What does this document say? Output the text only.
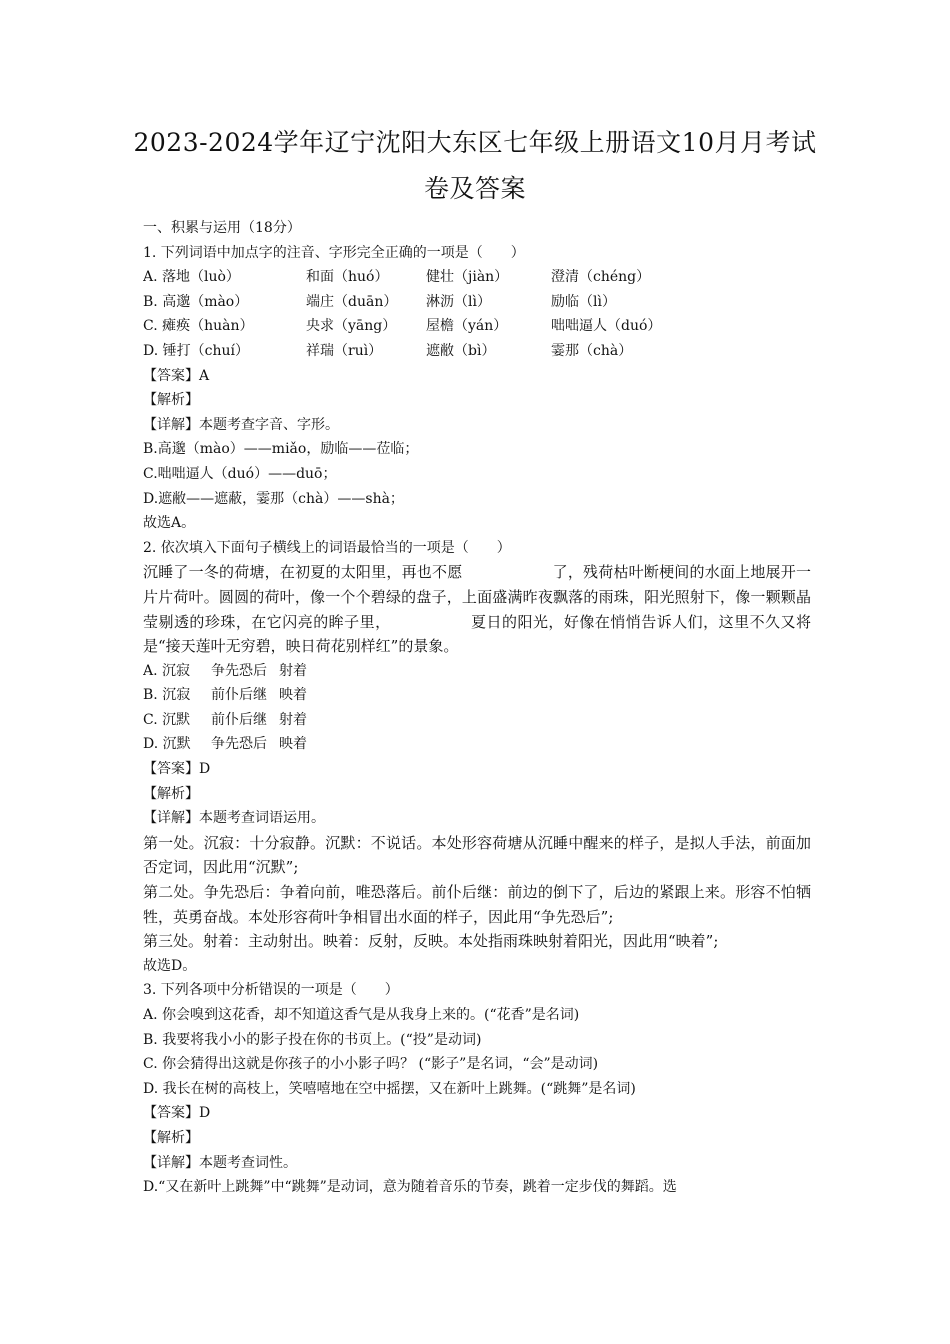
2023-2024学年辽宁沈阳大东区七年级上册语文10月月考试
卷及答案
一、积累与运用（18分）
1. 下列词语中加点字的注音、字形完全正确的一项是（　　）
A. 落地（luò）	和面（huó）	健壮（jiàn）	澄清（chéng）
B. 高邈（mào）	端庄（duān） 淋沥（lì）	励临（lì）
C. 瘫痪（huàn）	央求（yāng） 屋檐（yán）	咄咄逼人（duó）
D. 锤打（chuí）	祥瑞（ruì）	遮敝（bì）	霎那（chà）
【答案】A
【解析】
【详解】本题考查字音、字形。
B.高邈（mào）——miǎo，励临——莅临；
C.咄咄逼人（duó）——duō；
D.遮敝——遮蔽，霎那（chà）——shà；
故选A。
2. 依次填入下面句子横线上的词语最恰当的一项是（　　）
沉睡了一冬的荷塘，在初夏的太阳里，再也不愿	了，残荷枯叶断梗间的水面上地展开一片片荷叶。圆圆的荷叶，像一个个碧绿的盘子，上面盛满昨夜飘落的雨珠，阳光照射下，像一颗颗晶莹剔透的珍珠，在它闪亮的眸子里，	夏日的阳光，好像在悄悄告诉人们，这里不久又将是“接天莲叶无穷碧，映日荷花别样红”的景象。
A. 沉寂 争先恐后 射着
B. 沉寂 前仆后继 映着
C. 沉默 前仆后继 射着
D. 沉默 争先恐后 映着
【答案】D
【解析】
【详解】本题考查词语运用。
第一处。沉寂：十分寂静。沉默：不说话。本处形容荷塘从沉睡中醒来的样子，是拟人手法，前面加否定词，因此用“沉默”;
第二处。争先恐后：争着向前，唯恐落后。前仆后继：前边的倒下了，后边的紧跟上来。形容不怕牺牲，英勇奋战。本处形容荷叶争相冒出水面的样子，因此用“争先恐后”;
第三处。射着：主动射出。映着：反射，反映。本处指雨珠映射着阳光，因此用“映着”;
故选D。
3. 下列各项中分析错误的一项是（　　）
A. 你会嗅到这花香，却不知道这香气是从我身上来的。(“花香”是名词)
B. 我要将我小小的影子投在你的书页上。(“投”是动词)
C. 你会猜得出这就是你孩子的小小影子吗？ (“影子”是名词，“会”是动词)
D. 我长在树的高枝上，笑嘻嘻地在空中摇摆，又在新叶上跳舞。(“跳舞”是名词)
【答案】D
【解析】
【详解】本题考查词性。
D.“又在新叶上跳舞”中“跳舞”是动词，意为随着音乐的节奏，跳着一定步伐的舞蹈。选
